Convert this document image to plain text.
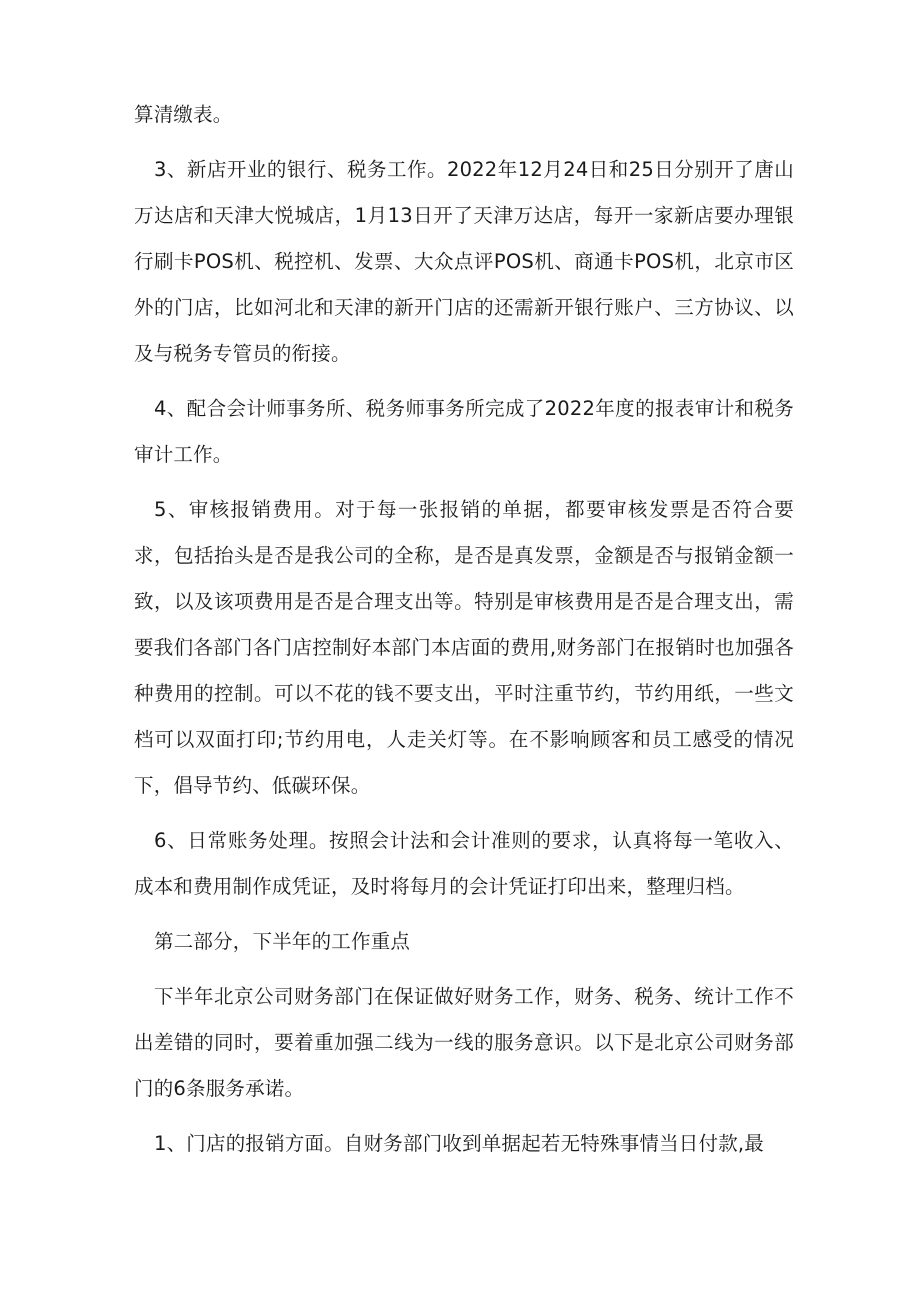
算清缴表。

3、新店开业的银行、税务工作。2022年12月24日和25日分别开了唐山万达店和天津大悦城店，1月13日开了天津万达店，每开一家新店要办理银行刷卡POS机、税控机、发票、大众点评POS机、商通卡POS机，北京市区外的门店，比如河北和天津的新开门店的还需新开银行账户、三方协议、以及与税务专管员的衔接。

4、配合会计师事务所、税务师事务所完成了2022年度的报表审计和税务审计工作。

5、审核报销费用。对于每一张报销的单据，都要审核发票是否符合要求，包括抬头是否是我公司的全称，是否是真发票，金额是否与报销金额一致，以及该项费用是否是合理支出等。特别是审核费用是否是合理支出，需要我们各部门各门店控制好本部门本店面的费用,财务部门在报销时也加强各种费用的控制。可以不花的钱不要支出，平时注重节约，节约用纸，一些文档可以双面打印;节约用电，人走关灯等。在不影响顾客和员工感受的情况下，倡导节约、低碳环保。

6、日常账务处理。按照会计法和会计准则的要求，认真将每一笔收入、成本和费用制作成凭证，及时将每月的会计凭证打印出来，整理归档。

第二部分，下半年的工作重点

下半年北京公司财务部门在保证做好财务工作，财务、税务、统计工作不出差错的同时，要着重加强二线为一线的服务意识。以下是北京公司财务部门的6条服务承诺。

1、门店的报销方面。自财务部门收到单据起若无特殊事情当日付款,最
